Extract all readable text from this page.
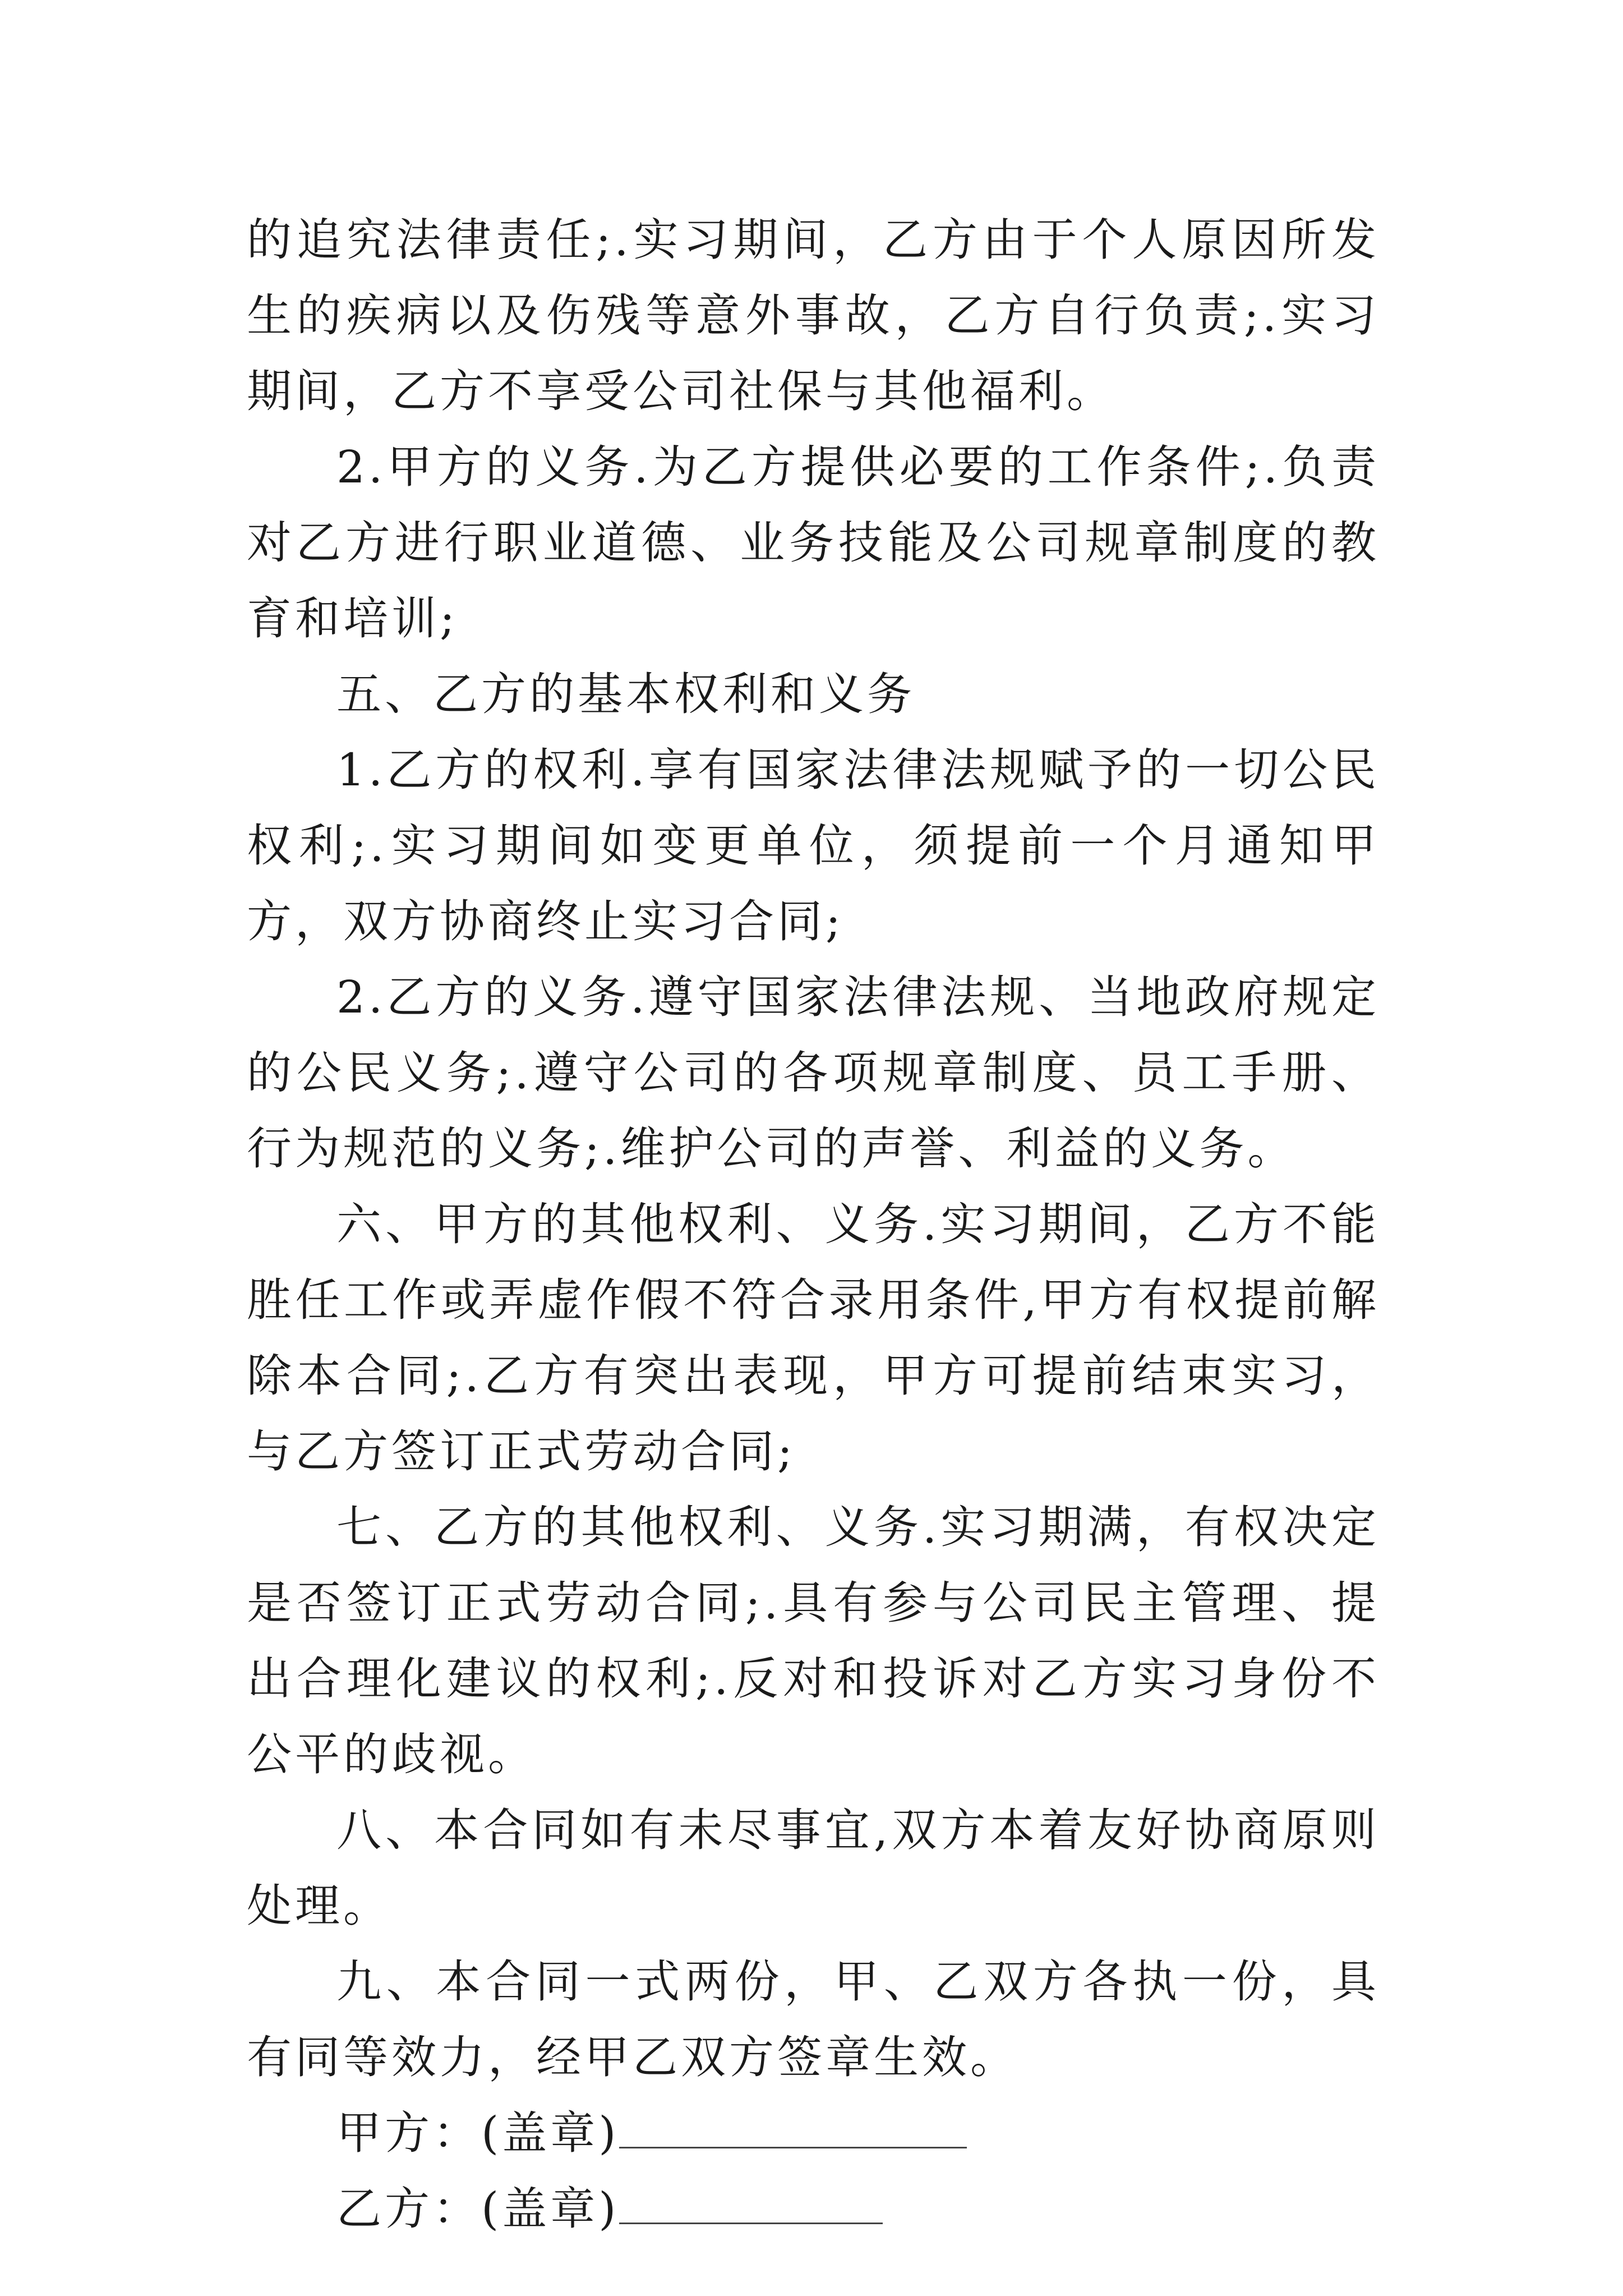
的追究法律责任;.实习期间，乙方由于个人原因所发生的疾病以及伤残等意外事故，乙方自行负责;.实习期间，乙方不享受公司社保与其他福利。

2.甲方的义务.为乙方提供必要的工作条件;.负责对乙方进行职业道德、业务技能及公司规章制度的教育和培训;

五、乙方的基本权利和义务

1.乙方的权利.享有国家法律法规赋予的一切公民权利;.实习期间如变更单位，须提前一个月通知甲方，双方协商终止实习合同;

2.乙方的义务.遵守国家法律法规、当地政府规定的公民义务;.遵守公司的各项规章制度、员工手册、行为规范的义务;.维护公司的声誉、利益的义务。

六、甲方的其他权利、义务.实习期间，乙方不能胜任工作或弄虚作假不符合录用条件,甲方有权提前解除本合同;.乙方有突出表现，甲方可提前结束实习，与乙方签订正式劳动合同;

七、乙方的其他权利、义务.实习期满，有权决定是否签订正式劳动合同;.具有参与公司民主管理、提出合理化建议的权利;.反对和投诉对乙方实习身份不公平的歧视。

八、本合同如有未尽事宜,双方本着友好协商原则处理。

九、本合同一式两份，甲、乙双方各执一份，具有同等效力，经甲乙双方签章生效。

甲方：(盖章)

乙方：(盖章)
